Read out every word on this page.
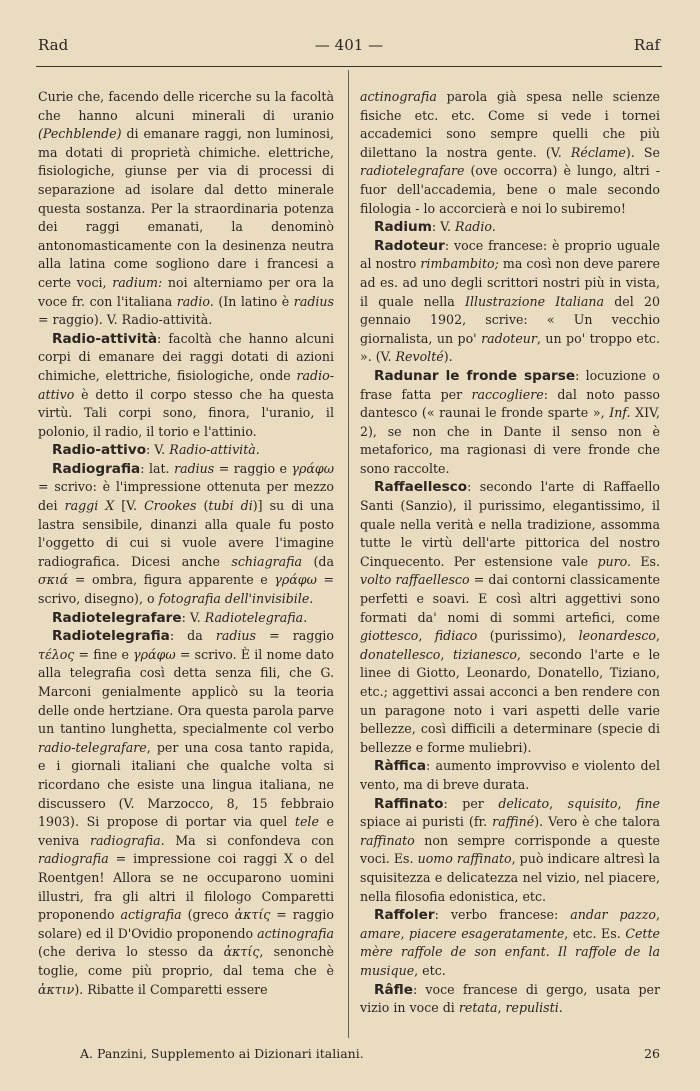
Rad	— 401 —	Raf

Curie che, facendo delle ricerche su la facoltà che hanno alcuni minerali di uranio (Pechblende) di emanare raggi, non luminosi, ma dotati di proprietà chimiche. elettriche, fisiologiche, giunse per via di processi di separazione ad isolare dal detto minerale questa sostanza. Per la straordinaria potenza dei raggi emanati, la denominò antonomasticamente con la desinenza neutra alla latina come sogliono dare i francesi a certe voci, radium: noi alterniamo per ora la voce fr. con l'italiana radio. (In latino è radius = raggio). V. Radio-attività.

Radio-attività: facoltà che hanno alcuni corpi di emanare dei raggi dotati di azioni chimiche, elettriche, fisiologiche, onde radio-attivo è detto il corpo stesso che ha questa virtù. Tali corpi sono, finora, l'uranio, il polonio, il radio, il torio e l'attinio.

Radio-attivo: V. Radio-attività.

Radiografia: lat. radius = raggio e γράφω = scrivo: è l'impressione ottenuta per mezzo dei raggi X [V. Crookes (tubi di)] su di una lastra sensibile, dinanzi alla quale fu posto l'oggetto di cui si vuole avere l'imagine radiografica. Dicesi anche schiagrafia (da σκιά = ombra, figura apparente e γράφω = scrivo, disegno), o fotografia dell'invisibile.

Radiotelegrafare: V. Radiotelegrafia.

Radiotelegrafia: da radius = raggio τέλος = fine e γράφω = scrivo. È il nome dato alla telegrafia così detta senza fili, che G. Marconi genialmente applicò su la teoria delle onde hertziane. Ora questa parola parve un tantino lunghetta, specialmente col verbo radio-telegrafare, per una cosa tanto rapida, e i giornali italiani che qualche volta si ricordano che esiste una lingua italiana, ne discussero (V. Marzocco, 8, 15 febbraio 1903). Si propose di portar via quel tele e veniva radiografia. Ma si confondeva con radiografia = impressione coi raggi X o del Roentgen! Allora se ne occuparono uomini illustri, fra gli altri il filologo Comparetti proponendo actigrafia (greco ἀκτίς = raggio solare) ed il D'Ovidio proponendo actinografia (che deriva lo stesso da ἀκτίς, senonchè toglie, come più proprio, dal tema che è ἀκτιν). Ribatte il Comparetti essere

actinografia parola già spesa nelle scienze fisiche etc. etc. Come si vede i tornei accademici sono sempre quelli che più dilettano la nostra gente. (V. Réclame). Se radiotelegrafare (ove occorra) è lungo, altri - fuor dell'accademia, bene o male secondo filologia - lo accorcierà e noi lo subiremo!

Radium: V. Radio.

Radoteur: voce francese: è proprio uguale al nostro rimbambito; ma così non deve parere ad es. ad uno degli scrittori nostri più in vista, il quale nella Illustrazione Italiana del 20 gennaio 1902, scrive: « Un vecchio giornalista, un po' radoteur, un po' troppo etc. ». (V. Revolté).

Radunar le fronde sparse: locuzione o frase fatta per raccogliere: dal noto passo dantesco (« raunai le fronde sparte », Inf. XIV, 2), se non che in Dante il senso non è metaforico, ma ragionasi di vere fronde che sono raccolte.

Raffaellesco: secondo l'arte di Raffaello Santi (Sanzio), il purissimo, elegantissimo, il quale nella verità e nella tradizione, assomma tutte le virtù dell'arte pittorica del nostro Cinquecento. Per estensione vale puro. Es. volto raffaellesco = dai contorni classicamente perfetti e soavi. E così altri aggettivi sono formati da' nomi di sommi artefici, come giottesco, fidiaco (purissimo), leonardesco, donatellesco, tizianesco, secondo l'arte e le linee di Giotto, Leonardo, Donatello, Tiziano, etc.; aggettivi assai acconci a ben rendere con un paragone noto i vari aspetti delle varie bellezze, così difficili a determinare (specie di bellezze e forme muliebri).

Ràffica: aumento improvviso e violento del vento, ma di breve durata.

Raffinato: per delicato, squisito, fine spiace ai puristi (fr. raffiné). Vero è che talora raffinato non sempre corrisponde a queste voci. Es. uomo raffinato, può indicare altresì la squisitezza e delicatezza nel vizio, nel piacere, nella filosofia edonistica, etc.

Raffoler: verbo francese: andar pazzo, amare, piacere esageratamente, etc. Es. Cette mère raffole de son enfant. Il raffole de la musique, etc.

Râfle: voce francese di gergo, usata per vizio in voce di retata, repulisti.

A. Panzini, Supplemento ai Dizionari italiani.	26
